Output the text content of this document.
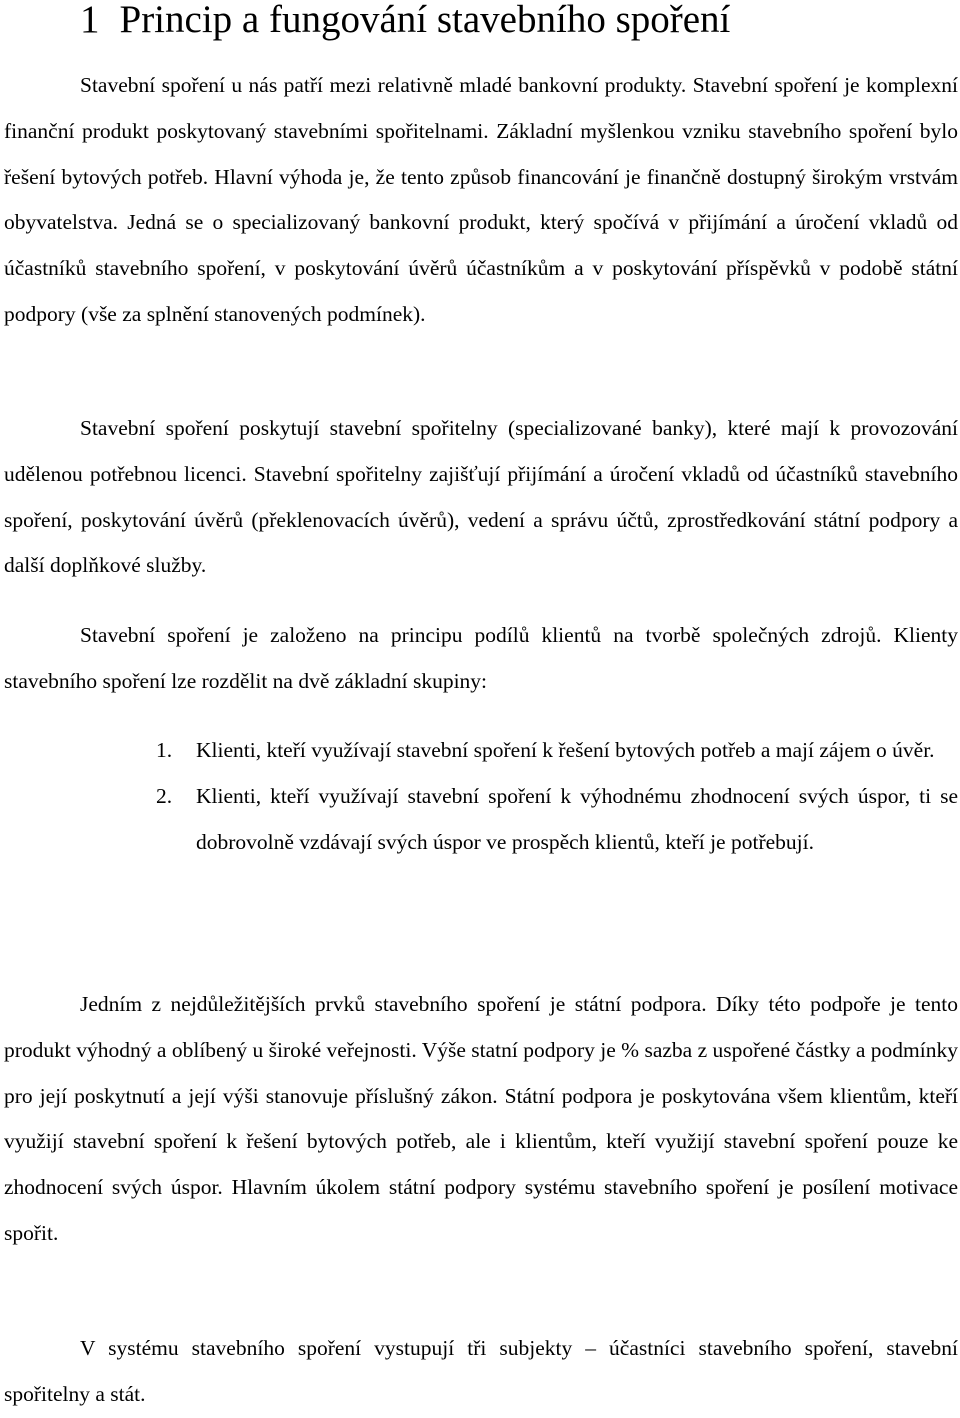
1 Princip a fungování stavebního spoření

Stavební spoření u nás patří mezi relativně mladé bankovní produkty. Stavební spoření je komplexní finanční produkt poskytovaný stavebními spořitelnami. Základní myšlenkou vzniku stavebního spoření bylo řešení bytových potřeb. Hlavní výhoda je, že tento způsob financování je finančně dostupný širokým vrstvám obyvatelstva. Jedná se o specializovaný bankovní produkt, který spočívá v přijímání a úročení vkladů od účastníků stavebního spoření, v poskytování úvěrů účastníkům a v poskytování příspěvků v podobě státní podpory (vše za splnění stanovených podmínek).

Stavební spoření poskytují stavební spořitelny (specializované banky), které mají k provozování udělenou potřebnou licenci. Stavební spořitelny zajišťují přijímání a úročení vkladů od účastníků stavebního spoření, poskytování úvěrů (překlenovacích úvěrů), vedení a správu účtů, zprostředkování státní podpory a další doplňkové služby.

Stavební spoření je založeno na principu podílů klientů na tvorbě společných zdrojů. Klienty stavebního spoření lze rozdělit na dvě základní skupiny:

1. Klienti, kteří využívají stavební spoření k řešení bytových potřeb a mají zájem o úvěr.
2. Klienti, kteří využívají stavební spoření k výhodnému zhodnocení svých úspor, ti se dobrovolně vzdávají svých úspor ve prospěch klientů, kteří je potřebují.

Jedním z nejdůležitějších prvků stavebního spoření je státní podpora. Díky této podpoře je tento produkt výhodný a oblíbený u široké veřejnosti. Výše statní podpory je % sazba z uspořené částky a podmínky pro její poskytnutí a její výši stanovuje příslušný zákon. Státní podpora je poskytována všem klientům, kteří využijí stavební spoření k řešení bytových potřeb, ale i klientům, kteří využijí stavební spoření pouze ke zhodnocení svých úspor. Hlavním úkolem státní podpory systému stavebního spoření je posílení motivace spořit.

V systému stavebního spoření vystupují tři subjekty – účastníci stavebního spoření, stavební spořitelny a stát.
